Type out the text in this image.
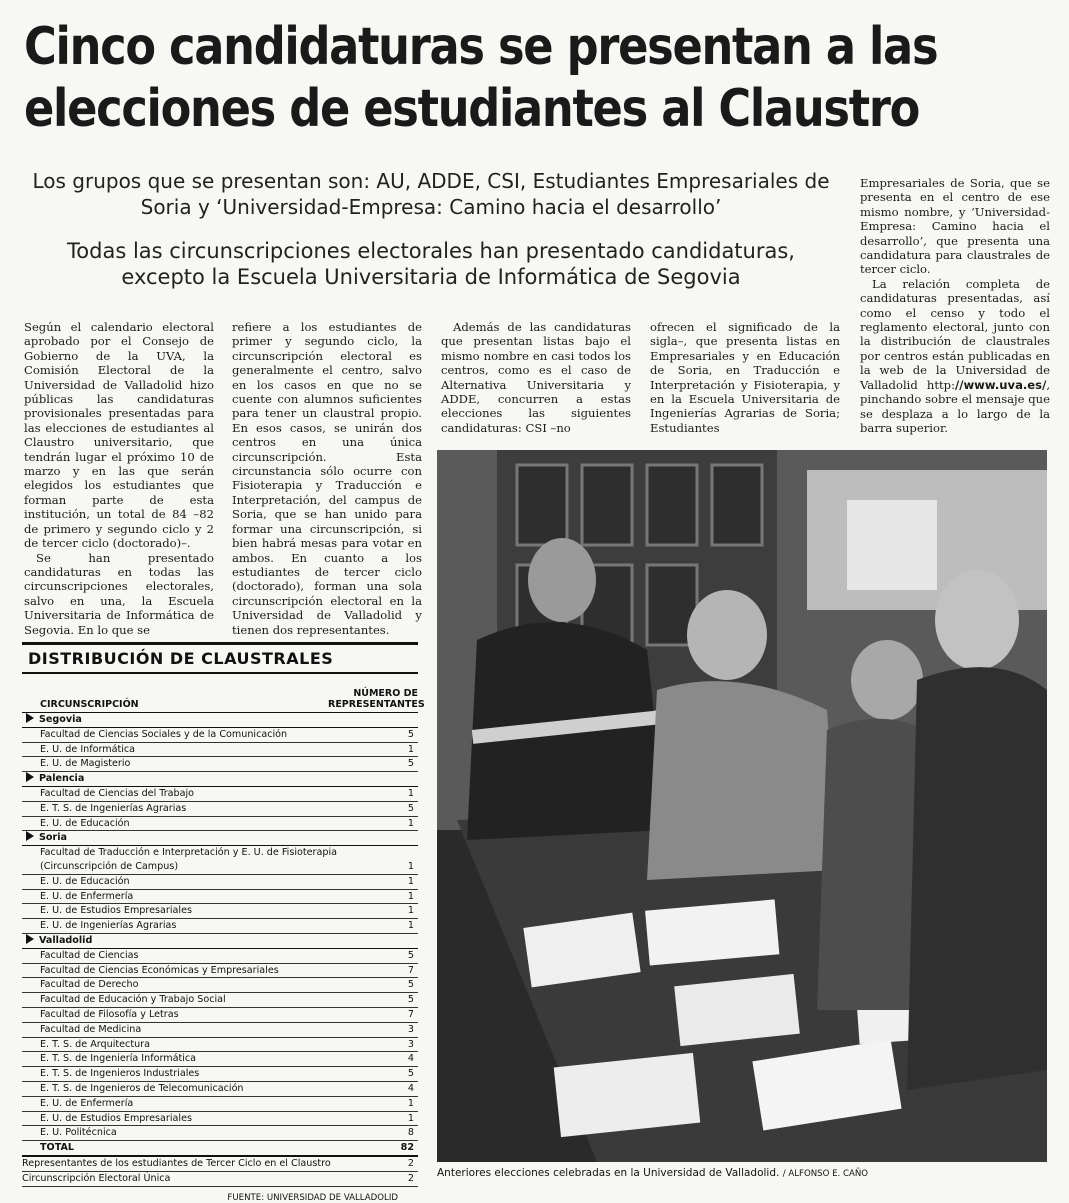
Cinco candidaturas se presentan a las
elecciones de estudiantes al Claustro

Los grupos que se presentan son: AU, ADDE, CSI, Estudiantes Empresariales de Soria y ‘Universidad-Empresa: Camino hacia el desarrollo’

Todas las circunscripciones electorales han presentado candidaturas, excepto la Escuela Universitaria de Informática de Segovia

Según el calendario electoral aprobado por el Consejo de Gobierno de la UVA, la Comisión Electoral de la Universidad de Valladolid hizo públicas las candidaturas provisionales presentadas para las elecciones de estudiantes al Claustro universitario, que tendrán lugar el próximo 10 de marzo y en las que serán elegidos los estudiantes que forman parte de esta institución, un total de 84 –82 de primero y segundo ciclo y 2 de tercer ciclo (doctorado)–.

Se han presentado candidaturas en todas las circunscripciones electorales, salvo en una, la Escuela Universitaria de Informática de Segovia. En lo que se

refiere a los estudiantes de primer y segundo ciclo, la circunscripción electoral es generalmente el centro, salvo en los casos en que no se cuente con alumnos suficientes para tener un claustral propio. En esos casos, se unirán dos centros en una única circunscripción. Esta circunstancia sólo ocurre con Fisioterapia y Traducción e Interpretación, del campus de Soria, que se han unido para formar una circunscripción, si bien habrá mesas para votar en ambos. En cuanto a los estudiantes de tercer ciclo (doctorado), forman una sola circunscripción electoral en la Universidad de Valladolid y tienen dos representantes.

Además de las candidaturas que presentan listas bajo el mismo nombre en casi todos los centros, como es el caso de Alternativa Universitaria y ADDE, concurren a estas elecciones las siguientes candidaturas: CSI –no

ofrecen el significado de la sigla–, que presenta listas en Empresariales y en Educación de Soria, en Traducción e Interpretación y Fisioterapia, y en la Escuela Universitaria de Ingenierías Agrarias de Soria; Estudiantes

Empresariales de Soria, que se presenta en el centro de ese mismo nombre, y ‘Universidad-Empresa: Camino hacia el desarrollo’, que presenta una candidatura para claustrales de tercer ciclo.

La relación completa de candidaturas presentadas, así como el censo y todo el reglamento electoral, junto con la distribución de claustrales por centros están publicadas en la web de la Universidad de Valladolid http://www.uva.es/, pinchando sobre el mensaje que se desplaza a lo largo de la barra superior.

DISTRIBUCIÓN DE CLAUSTRALES
CIRCUNSCRIPCIÓN
NÚMERO DE REPRESENTANTES
Segovia
Facultad de Ciencias Sociales y de la Comunicación	5
E. U. de Informática	1
E. U. de Magisterio	5
Palencia
Facultad de Ciencias del Trabajo	1
E. T. S. de Ingenierías Agrarias	5
E. U. de Educación	1
Soria
Facultad de Traducción e Interpretación y E. U. de Fisioterapia (Circunscripción de Campus)	1
E. U. de Educación	1
E. U. de Enfermería	1
E. U. de Estudios Empresariales	1
E. U. de Ingenierías Agrarias	1
Valladolid
Facultad de Ciencias	5
Facultad de Ciencias Económicas y Empresariales	7
Facultad de Derecho	5
Facultad de Educación y Trabajo Social	5
Facultad de Filosofía y Letras	7
Facultad de Medicina	3
E. T. S. de Arquitectura	3
E. T. S. de Ingeniería Informática	4
E. T. S. de Ingenieros Industriales	5
E. T. S. de Ingenieros de Telecomunicación	4
E. U. de Enfermería	1
E. U. de Estudios Empresariales	1
E. U. Politécnica	8
TOTAL	82
Representantes de los estudiantes de Tercer Ciclo en el Claustro	2
Circunscripción Electoral Única	2
FUENTE: UNIVERSIDAD DE VALLADOLID
Anteriores elecciones celebradas en la Universidad de Valladolid. / ALFONSO E. CAÑO
